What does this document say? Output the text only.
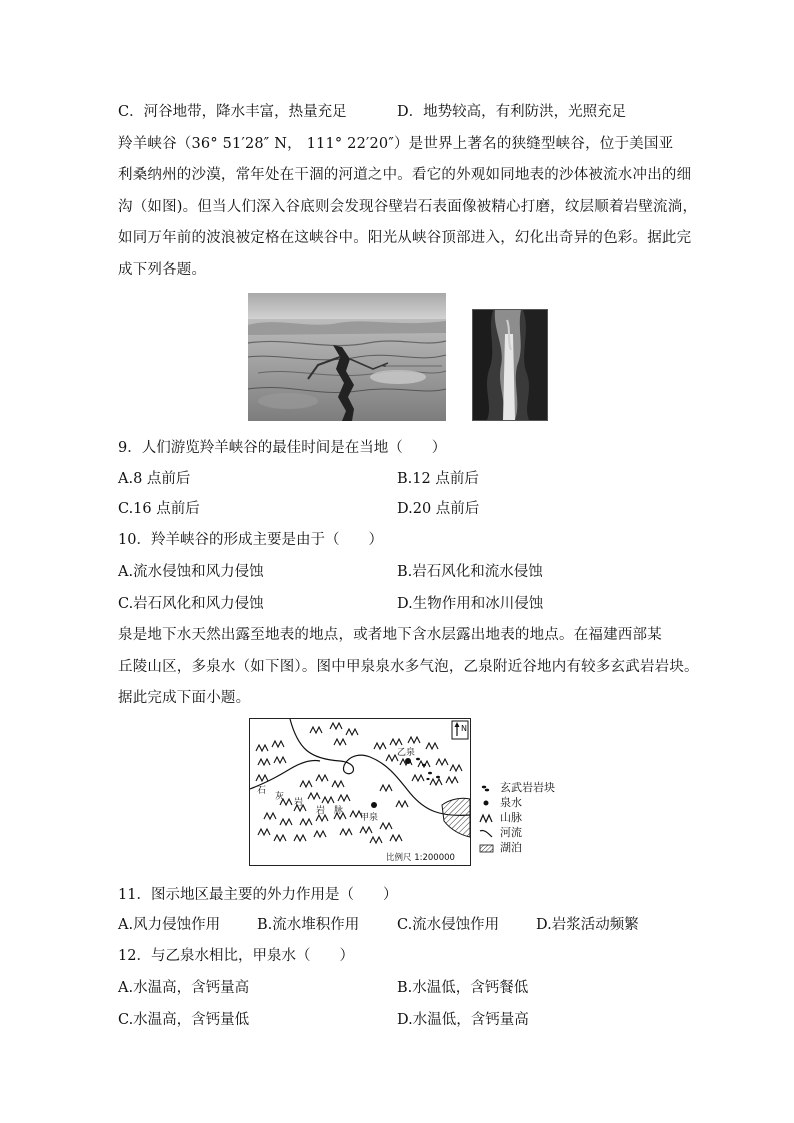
C．河谷地带，降水丰富，热量充足	D．地势较高，有利防洪，光照充足
羚羊峡谷（36° 51′28″ N， 111° 22′20″）是世界上著名的狭缝型峡谷，位于美国亚
利桑纳州的沙漠，常年处在干涸的河道之中。看它的外观如同地表的沙体被流水冲出的细
沟（如图)。但当人们深入谷底则会发现谷壁岩石表面像被精心打磨，纹层顺着岩壁流淌，
如同万年前的波浪被定格在这峡谷中。阳光从峡谷顶部进入，幻化出奇异的色彩。据此完
成下列各题。
9．人们游览羚羊峡谷的最佳时间是在当地（　　）
A.8 点前后	B.12 点前后
C.16 点前后	D.20 点前后
10．羚羊峡谷的形成主要是由于（　　）
A.流水侵蚀和风力侵蚀	B.岩石风化和流水侵蚀
C.岩石风化和风力侵蚀	D.生物作用和冰川侵蚀
泉是地下水天然出露至地表的地点，或者地下含水层露出地表的地点。在福建西部某
丘陵山区，多泉水（如下图）。图中甲泉泉水多气泡，乙泉附近谷地内有较多玄武岩岩块。
据此完成下面小题。
N
乙泉
甲泉
石
灰
岩
岩 脉
比例尺 1:200000
玄武岩岩块
泉水
山脉
河流
湖泊
11．图示地区最主要的外力作用是（　　）
A.风力侵蚀作用	B.流水堆积作用	C.流水侵蚀作用	D.岩浆活动频繁
12．与乙泉水相比，甲泉水（　　）
A.水温高，含钙量高	B.水温低，含钙餐低
C.水温高，含钙量低	D.水温低，含钙量高
